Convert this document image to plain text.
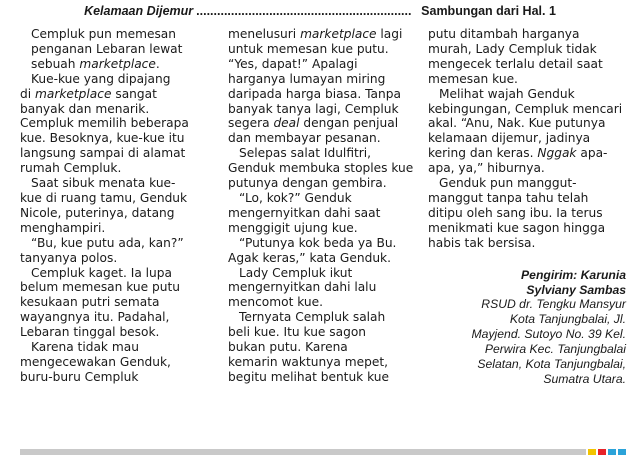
Kelamaan Dijemur .............................................................. Sambungan dari Hal. 1

Cempluk pun memesan
penganan Lebaran lewat
sebuah marketplace.

Kue-kue yang dipajang
di marketplace sangat
banyak dan menarik.
Cempluk memilih beberapa
kue. Besoknya, kue-kue itu
langsung sampai di alamat
rumah Cempluk.

Saat sibuk menata kue-
kue di ruang tamu, Genduk
Nicole, puterinya, datang
menghampiri.

“Bu, kue putu ada, kan?”
tanyanya polos.

Cempluk kaget. Ia lupa
belum memesan kue putu
kesukaan putri semata
wayangnya itu. Padahal,
Lebaran tinggal besok.

Karena tidak mau
mengecewakan Genduk,
buru-buru Cempluk

menelusuri marketplace lagi
untuk memesan kue putu.
“Yes, dapat!” Apalagi
harganya lumayan miring
daripada harga biasa. Tanpa
banyak tanya lagi, Cempluk
segera deal dengan penjual
dan membayar pesanan.

Selepas salat Idulfitri,
Genduk membuka stoples kue
putunya dengan gembira.

“Lo, kok?” Genduk
mengernyitkan dahi saat
menggigit ujung kue.

“Putunya kok beda ya Bu.
Agak keras,” kata Genduk.

Lady Cempluk ikut
mengernyitkan dahi lalu
mencomot kue.

Ternyata Cempluk salah
beli kue. Itu kue sagon
bukan putu. Karena
kemarin waktunya mepet,
begitu melihat bentuk kue

putu ditambah harganya
murah, Lady Cempluk tidak
mengecek terlalu detail saat
memesan kue.

Melihat wajah Genduk
kebingungan, Cempluk mencari
akal. “Anu, Nak. Kue putunya
kelamaan dijemur, jadinya
kering dan keras. Nggak apa-
apa, ya,” hiburnya.

Genduk pun manggut-
manggut tanpa tahu telah
ditipu oleh sang ibu. Ia terus
menikmati kue sagon hingga
habis tak bersisa.

Pengirim: Karunia
Sylviany Sambas
RSUD dr. Tengku Mansyur
Kota Tanjungbalai, Jl.
Mayjend. Sutoyo No. 39 Kel.
Perwira Kec. Tanjungbalai
Selatan, Kota Tanjungbalai,
Sumatra Utara.
